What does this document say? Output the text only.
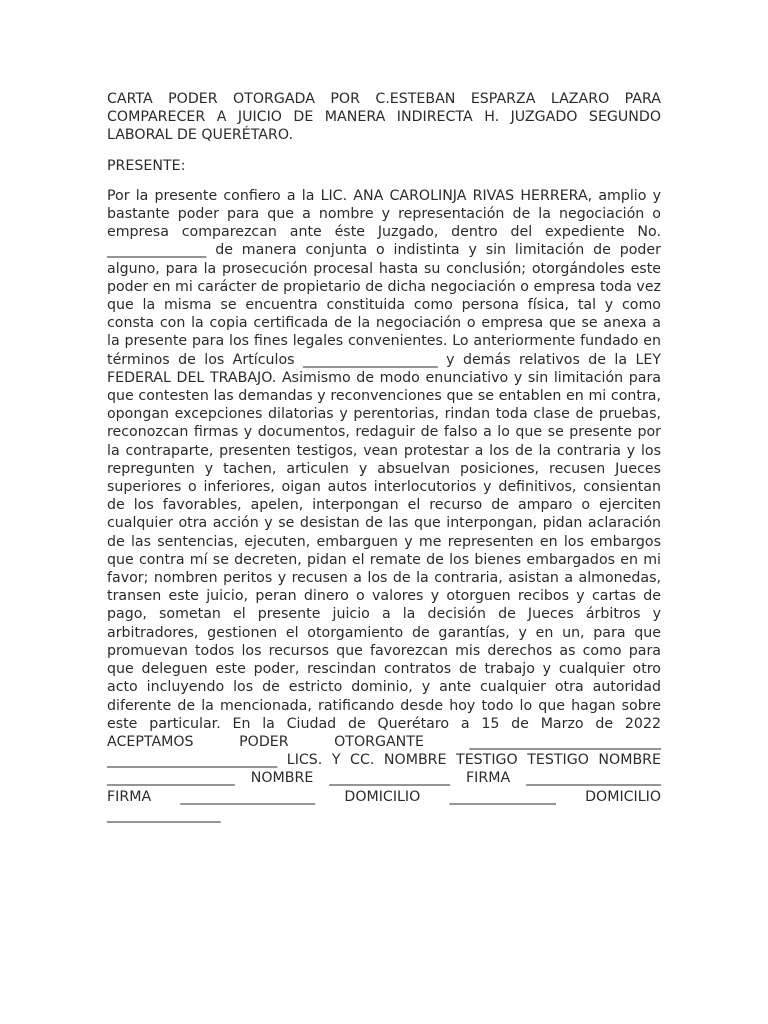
CARTA PODER OTORGADA POR C.ESTEBAN ESPARZA LAZARO PARA COMPARECER A JUICIO DE MANERA INDIRECTA H. JUZGADO SEGUNDO LABORAL DE QUERÉTARO.

PRESENTE:

Por la presente confiero a la LIC. ANA CAROLINJA RIVAS HERRERA, amplio y bastante poder para que a nombre y representación de la negociación o empresa comparezcan ante éste Juzgado, dentro del expediente No. ______________ de manera conjunta o indistinta y sin limitación de poder alguno, para la prosecución procesal hasta su conclusión; otorgándoles este poder en mi carácter de propietario de dicha negociación o empresa toda vez que la misma se encuentra constituida como persona física, tal y como consta con la copia certificada de la negociación o empresa que se anexa a la presente para los fines legales convenientes. Lo anteriormente fundado en términos de los Artículos ___________________ y demás relativos de la LEY FEDERAL DEL TRABAJO. Asimismo de modo enunciativo y sin limitación para que contesten las demandas y reconvenciones que se entablen en mi contra, opongan excepciones dilatorias y perentorias, rindan toda clase de pruebas, reconozcan firmas y documentos, redaguir de falso a lo que se presente por la contraparte, presenten testigos, vean protestar a los de la contraria y los repregunten y tachen, articulen y absuelvan posiciones, recusen Jueces superiores o inferiores, oigan autos interlocutorios y definitivos, consientan de los favorables, apelen, interpongan el recurso de amparo o ejerciten cualquier otra acción y se desistan de las que interpongan, pidan aclaración de las sentencias, ejecuten, embarguen y me representen en los embargos que contra mí se decreten, pidan el remate de los bienes embargados en mi favor; nombren peritos y recusen a los de la contraria, asistan a almonedas, transen este juicio, peran dinero o valores y otorguen recibos y cartas de pago, sometan el presente juicio a la decisión de Jueces árbitros y arbitradores, gestionen el otorgamiento de garantías, y en un, para que promuevan todos los recursos que favorezcan mis derechos as como para que deleguen este poder, rescindan contratos de trabajo y cualquier otro acto incluyendo los de estricto dominio, y ante cualquier otra autoridad diferente de la mencionada, ratificando desde hoy todo lo que hagan sobre este particular. En la Ciudad de Querétaro a 15 de Marzo de 2022 ACEPTAMOS PODER OTORGANTE ___________________________ ________________________ LICS. Y CC. NOMBRE TESTIGO TESTIGO NOMBRE __________________ NOMBRE _________________ FIRMA ___________________ FIRMA ___________________ DOMICILIO _______________ DOMICILIO ________________
